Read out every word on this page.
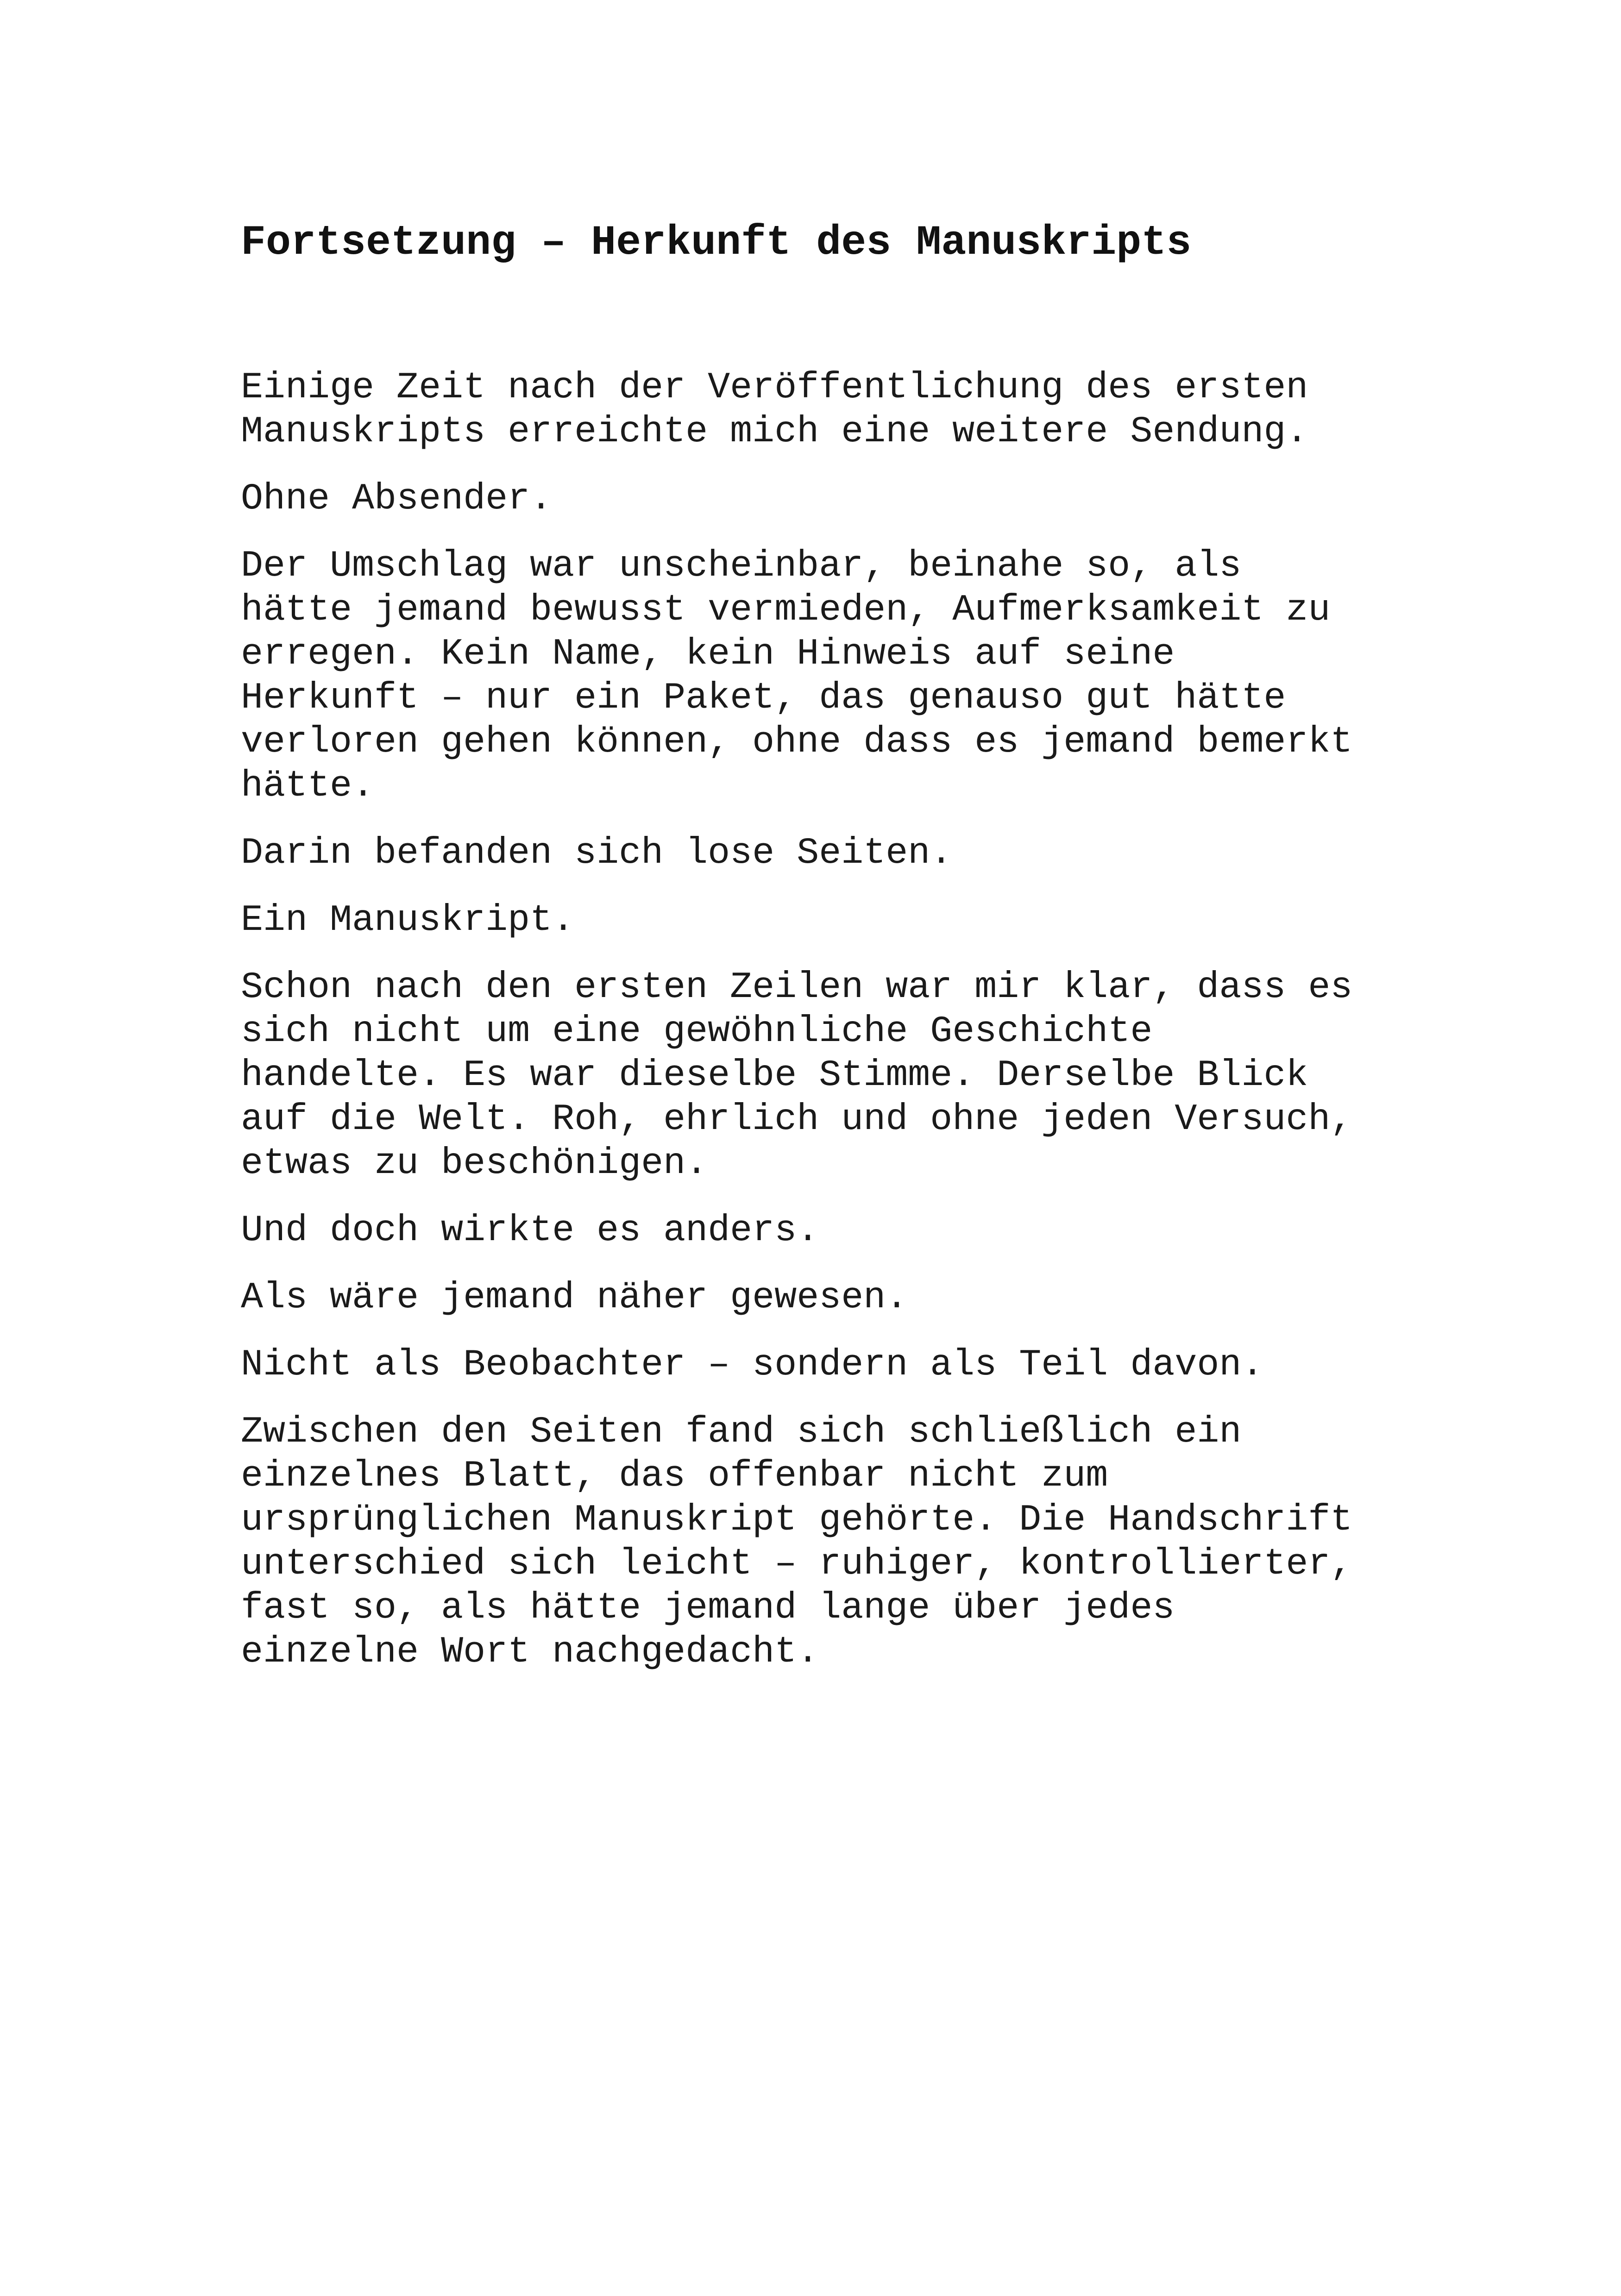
Fortsetzung – Herkunft des Manuskripts

Einige Zeit nach der Veröffentlichung des ersten
Manuskripts erreichte mich eine weitere Sendung.

Ohne Absender.

Der Umschlag war unscheinbar, beinahe so, als
hätte jemand bewusst vermieden, Aufmerksamkeit zu
erregen. Kein Name, kein Hinweis auf seine
Herkunft – nur ein Paket, das genauso gut hätte
verloren gehen können, ohne dass es jemand bemerkt
hätte.

Darin befanden sich lose Seiten.

Ein Manuskript.

Schon nach den ersten Zeilen war mir klar, dass es
sich nicht um eine gewöhnliche Geschichte
handelte. Es war dieselbe Stimme. Derselbe Blick
auf die Welt. Roh, ehrlich und ohne jeden Versuch,
etwas zu beschönigen.

Und doch wirkte es anders.

Als wäre jemand näher gewesen.

Nicht als Beobachter – sondern als Teil davon.

Zwischen den Seiten fand sich schließlich ein
einzelnes Blatt, das offenbar nicht zum
ursprünglichen Manuskript gehörte. Die Handschrift
unterschied sich leicht – ruhiger, kontrollierter,
fast so, als hätte jemand lange über jedes
einzelne Wort nachgedacht.
